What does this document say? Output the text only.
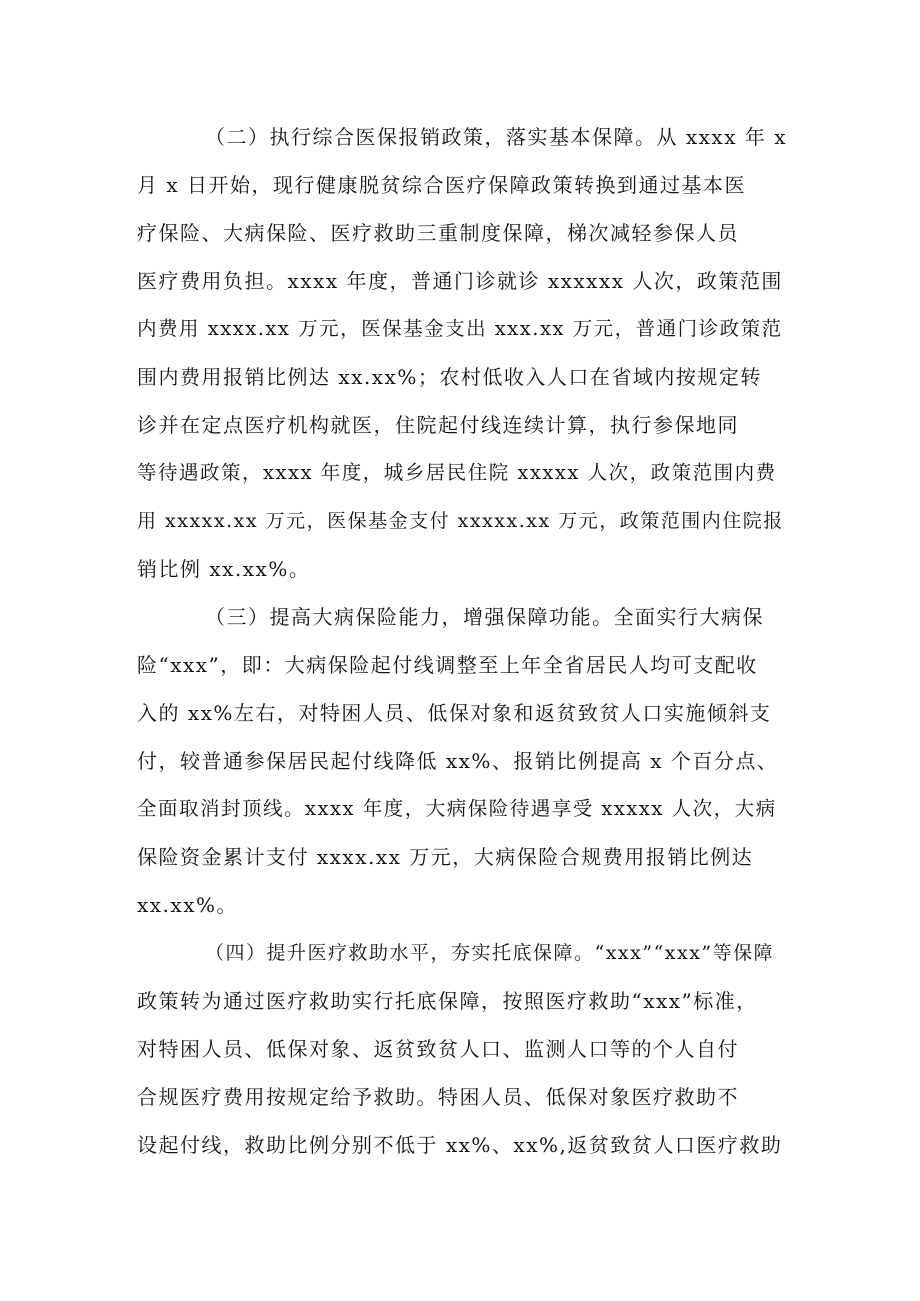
（二）执行综合医保报销政策，落实基本保障。从 xxxx 年 x
月 x 日开始，现行健康脱贫综合医疗保障政策转换到通过基本医
疗保险、大病保险、医疗救助三重制度保障，梯次减轻参保人员
医疗费用负担。xxxx 年度，普通门诊就诊 xxxxxx 人次，政策范围
内费用 xxxx.xx 万元，医保基金支出 xxx.xx 万元，普通门诊政策范
围内费用报销比例达 xx.xx%；农村低收入人口在省域内按规定转
诊并在定点医疗机构就医，住院起付线连续计算，执行参保地同
等待遇政策，xxxx 年度，城乡居民住院 xxxxx 人次，政策范围内费
用 xxxxx.xx 万元，医保基金支付 xxxxx.xx 万元，政策范围内住院报
销比例 xx.xx%。
（三）提高大病保险能力，增强保障功能。全面实行大病保
险“xxx”，即：大病保险起付线调整至上年全省居民人均可支配收
入的 xx%左右，对特困人员、低保对象和返贫致贫人口实施倾斜支
付，较普通参保居民起付线降低 xx%、报销比例提高 x 个百分点、
全面取消封顶线。xxxx 年度，大病保险待遇享受 xxxxx 人次，大病
保险资金累计支付 xxxx.xx 万元，大病保险合规费用报销比例达
xx.xx%。
（四）提升医疗救助水平，夯实托底保障。“xxx”“xxx”等保障
政策转为通过医疗救助实行托底保障，按照医疗救助“xxx”标准，
对特困人员、低保对象、返贫致贫人口、监测人口等的个人自付
合规医疗费用按规定给予救助。特困人员、低保对象医疗救助不
设起付线，救助比例分别不低于 xx%、xx%,返贫致贫人口医疗救助
